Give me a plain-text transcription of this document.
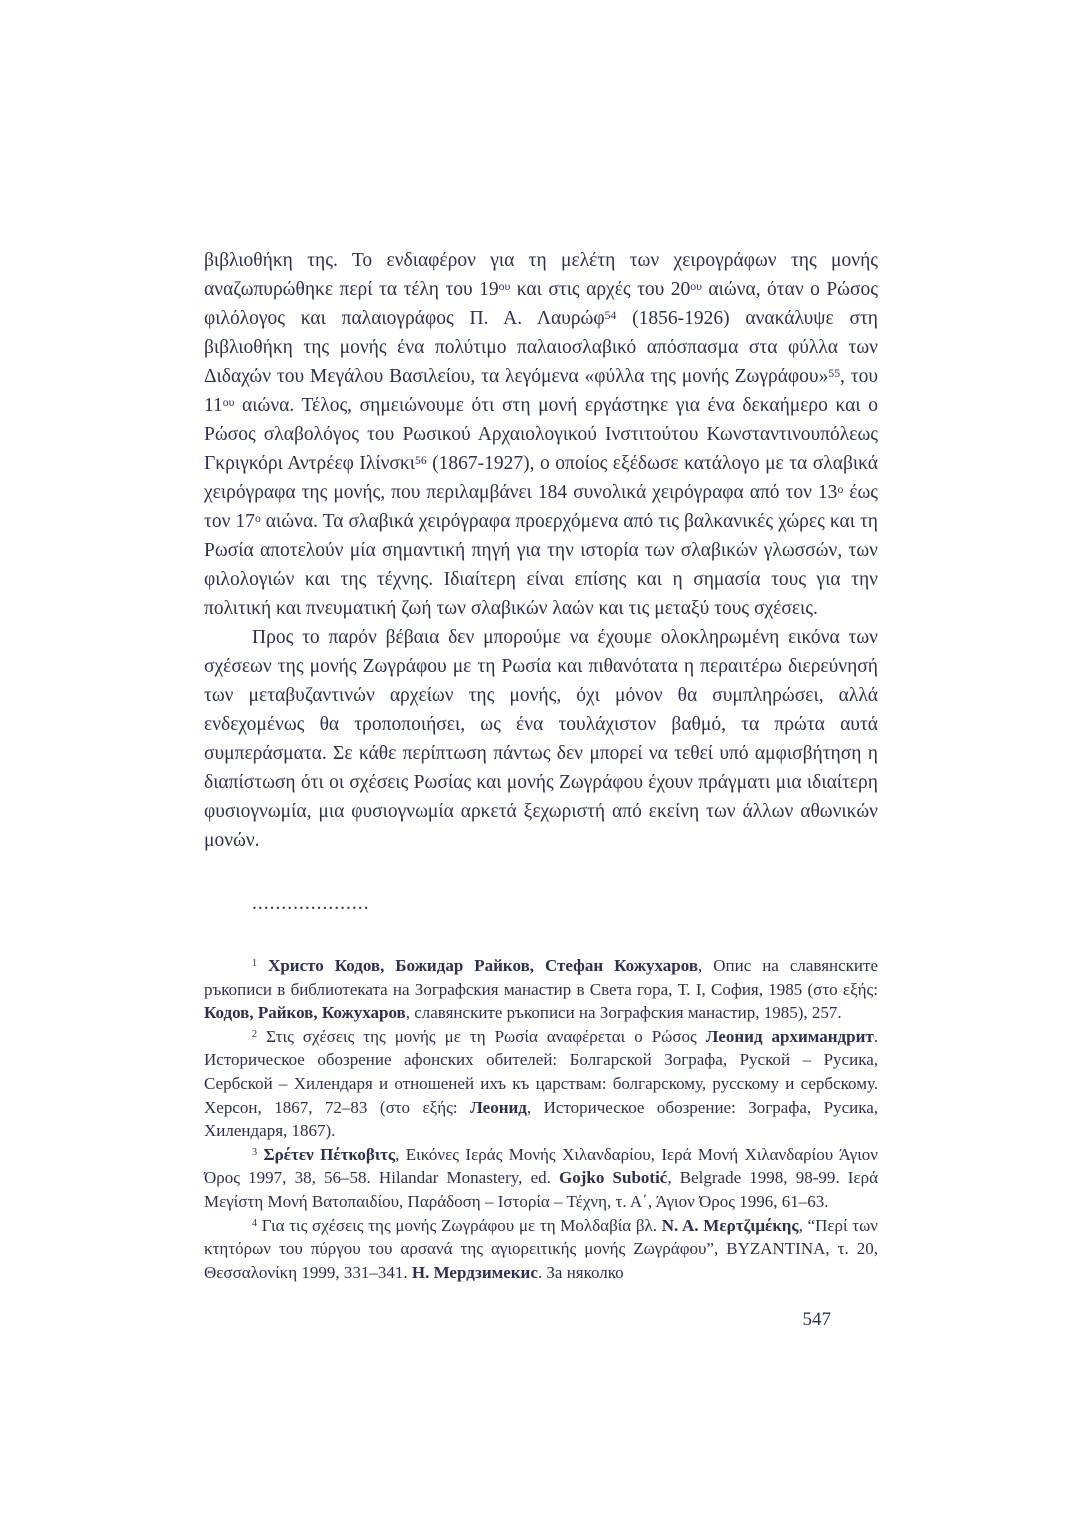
βιβλιοθήκη της. Το ενδιαφέρον για τη μελέτη των χειρογράφων της μονής αναζωπυρώθηκε περί τα τέλη του $19^{o\upsilon}$ και στις αρχές του $20^{o\upsilon}$ αιώνα, όταν ο Ρώσος φιλόλογος και παλαιογράφος Π. Α. Λαυρώφ$^{54}$ (1856-1926) ανακάλυψε στη βιβλιοθήκη της μονής ένα πολύτιμο παλαιοσλαβικό απόσπασμα στα φύλλα των Διδαχών του Μεγάλου Βασιλείου, τα λεγόμενα «φύλλα της μονής Ζωγράφου»$^{55}$, του $11^{o\upsilon}$ αιώνα. Τέλος, σημειώνουμε ότι στη μονή εργάστηκε για ένα δεκαήμερο και ο Ρώσος σλαβολόγος του Ρωσικού Αρχαιολογικού Ινστιτούτου Κωνσταντινουπόλεως Γκριγκόρι Αντρέεφ Ιλίνσκι$^{56}$ (1867-1927), ο οποίος εξέδωσε κατάλογο με τα σλαβικά χειρόγραφα της μονής, που περιλαμβάνει 184 συνολικά χειρόγραφα από τον $13^o$ έως τον $17^o$ αιώνα. Τα σλαβικά χειρόγραφα προερχόμενα από τις βαλκανικές χώρες και τη Ρωσία αποτελούν μία σημαντική πηγή για την ιστορία των σλαβικών γλωσσών, των φιλολογιών και της τέχνης. Ιδιαίτερη είναι επίσης και η σημασία τους για την πολιτική και πνευματική ζωή των σλαβικών λαών και τις μεταξύ τους σχέσεις.

Προς το παρόν βέβαια δεν μπορούμε να έχουμε ολοκληρωμένη εικόνα των σχέσεων της μονής Ζωγράφου με τη Ρωσία και πιθανότατα η περαιτέρω διερεύνησή των μεταβυζαντινών αρχείων της μονής, όχι μόνον θα συμπληρώσει, αλλά ενδεχομένως θα τροποποιήσει, ως ένα τουλάχιστον βαθμό, τα πρώτα αυτά συμπεράσματα. Σε κάθε περίπτωση πάντως δεν μπορεί να τεθεί υπό αμφισβήτηση η διαπίστωση ότι οι σχέσεις Ρωσίας και μονής Ζωγράφου έχουν πράγματι μια ιδιαίτερη φυσιογνωμία, μια φυσιογνωμία αρκετά ξεχωριστή από εκείνη των άλλων αθωνικών μονών.

....................

$^1$ Христо Кодов, Божидар Райков, Стефан Кожухаров, Опис на славянските ръкописи в библиотеката на Зографския манастир в Света гора, Т. I, София, 1985 (στο εξής: Кодов, Райков, Кожухаров, славянските ръкописи на Зографския манастир, 1985), 257.

$^2$ Στις σχέσεις της μονής με τη Ρωσία αναφέρεται ο Ρώσος Леонид архимандрит. Историческое обозрение афонских обителей: Болгарской Зографа, Руской – Русика, Сербской – Хилендаря и отношеней ихъ къ царствам: болгарскому, русскому и сербскому. Херсон, 1867, 72–83 (στο εξής: Леонид, Историческое обозрение: Зографа, Русика, Хилендаря, 1867).

$^3$ Σρέτεν Πέτκοβιτς, Εικόνες Ιεράς Μονής Χιλανδαρίου, Ιερά Μονή Χιλανδαρίου Άγιον Όρος 1997, 38, 56–58. Hilandar Monastery, ed. Gojko Subotić, Belgrade 1998, 98-99. Ιερά Μεγίστη Μονή Βατοπαιδίου, Παράδοση – Ιστορία – Τέχνη, τ. Α΄, Άγιον Όρος 1996, 61–63.

$^4$ Για τις σχέσεις της μονής Ζωγράφου με τη Μολδαβία βλ. Ν. Α. Μερτζιμέκης, “Περί των κτητόρων του πύργου του αρσανά της αγιορειτικής μονής Ζωγράφου”, BYZANTINA, τ. 20, Θεσσαλονίκη 1999, 331–341. Н. Мердзимекис. За няколко

547
